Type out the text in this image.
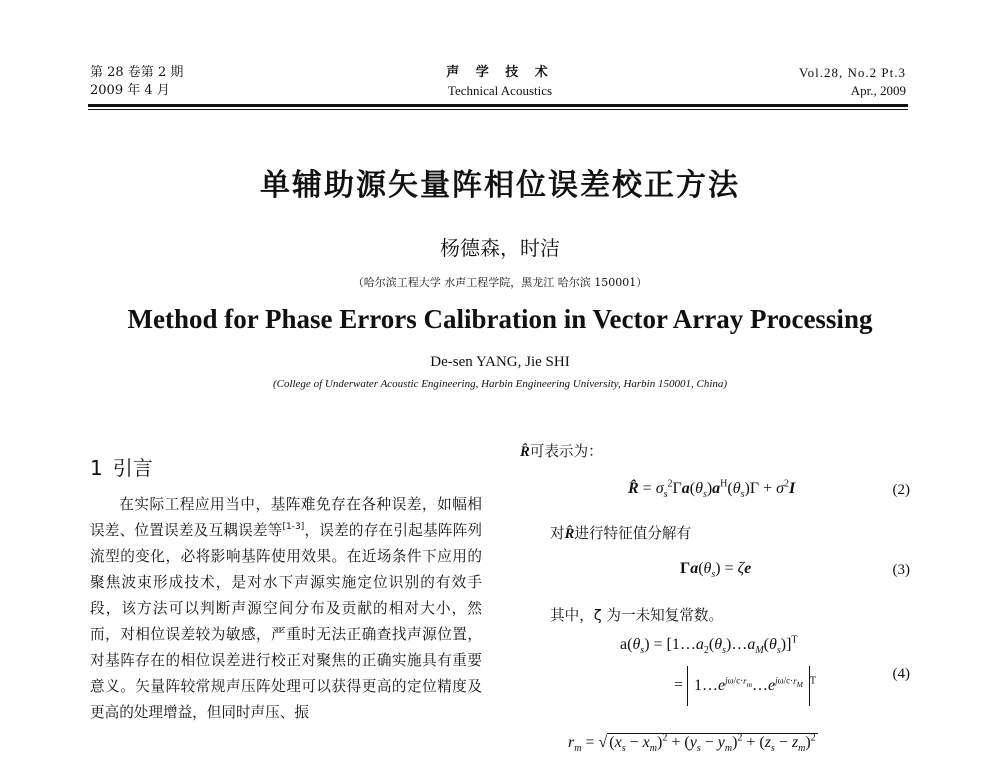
第 28 卷第 2 期
2009 年 4 月
声 学 技 术
Technical Acoustics
Vol.28, No.2 Pt.3
Apr., 2009
单辅助源矢量阵相位误差校正方法
杨德森，时洁
（哈尔滨工程大学 水声工程学院，黑龙江 哈尔滨 150001）
Method for Phase Errors Calibration in Vector Array Processing
De-sen YANG, Jie SHI
(College of Underwater Acoustic Engineering, Harbin Engineering University, Harbin 150001, China)
1 引言

在实际工程应用当中，基阵难免存在各种误差，如幅相误差、位置误差及互耦误差等[1-3]，误差的存在引起基阵阵列流型的变化，必将影响基阵使用效果。在近场条件下应用的聚焦波束形成技术，是对水下声源实施定位识别的有效手段，该方法可以判断声源空间分布及贡献的相对大小，然而，对相位误差较为敏感，严重时无法正确查找声源位置，对基阵存在的相位误差进行校正对聚焦的正确实施具有重要意义。矢量阵较常规声压阵处理可以获得更高的定位精度及更高的处理增益，但同时声压、振

R̂可表示为：
R̂ = $\sigma_s^2\Gamma a(\theta_s)a^H(\theta_s)\Gamma + \sigma^2I$	(2)
对R̂进行特征值分解有
$\Gamma a(\theta_s) = \zeta e$	(3)
其中，ζ 为一未知复常数。
$a(\theta_s)$ = $[1\dots a_2(\theta_s)\dots a_M(\theta_s)]^T$
= $1\dots e^{j\omega/c\cdot r_m}\dots e^{j\omega/c\cdot r_M}$ $^T$	(4)
$r_m$ = √ $(x_s - x_m)^2 + (y_s - y_m)^2 + (z_s - z_m)^2$
